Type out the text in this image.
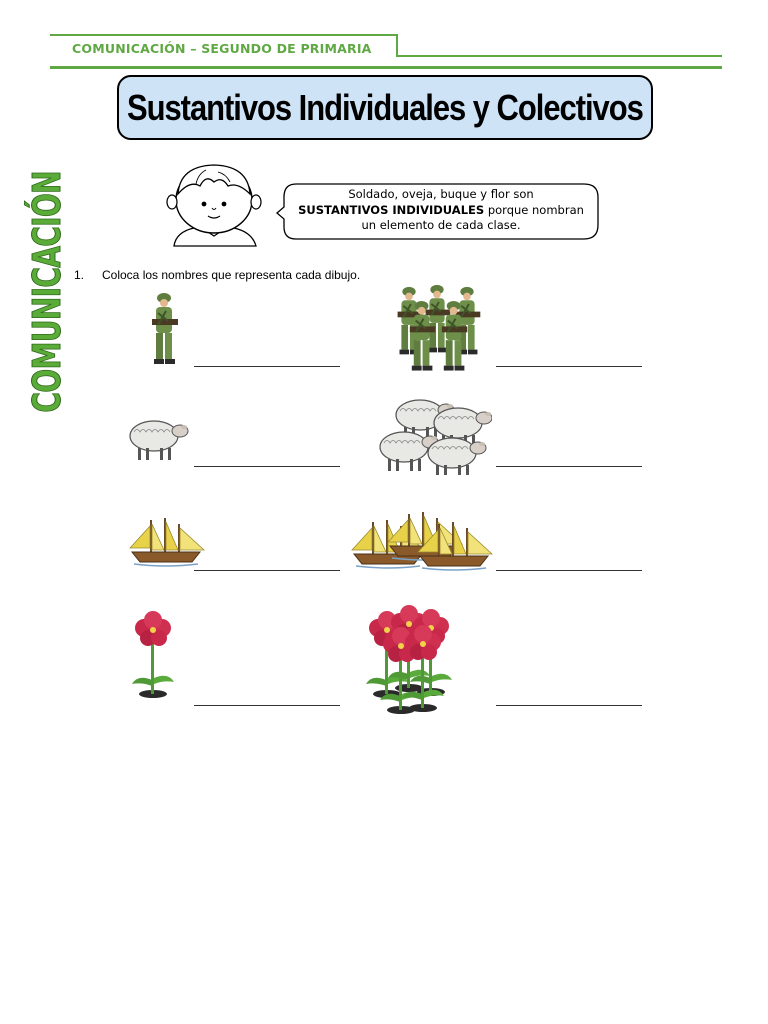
COMUNICACIÓN – SEGUNDO DE PRIMARIA
Sustantivos Individuales y Colectivos
COMUNICACIÓN	Soldado, oveja, buque y flor son
SUSTANTIVOS INDIVIDUALES porque nombran
un elemento de cada clase.
1. Coloca los nombres que representa cada dibujo.
